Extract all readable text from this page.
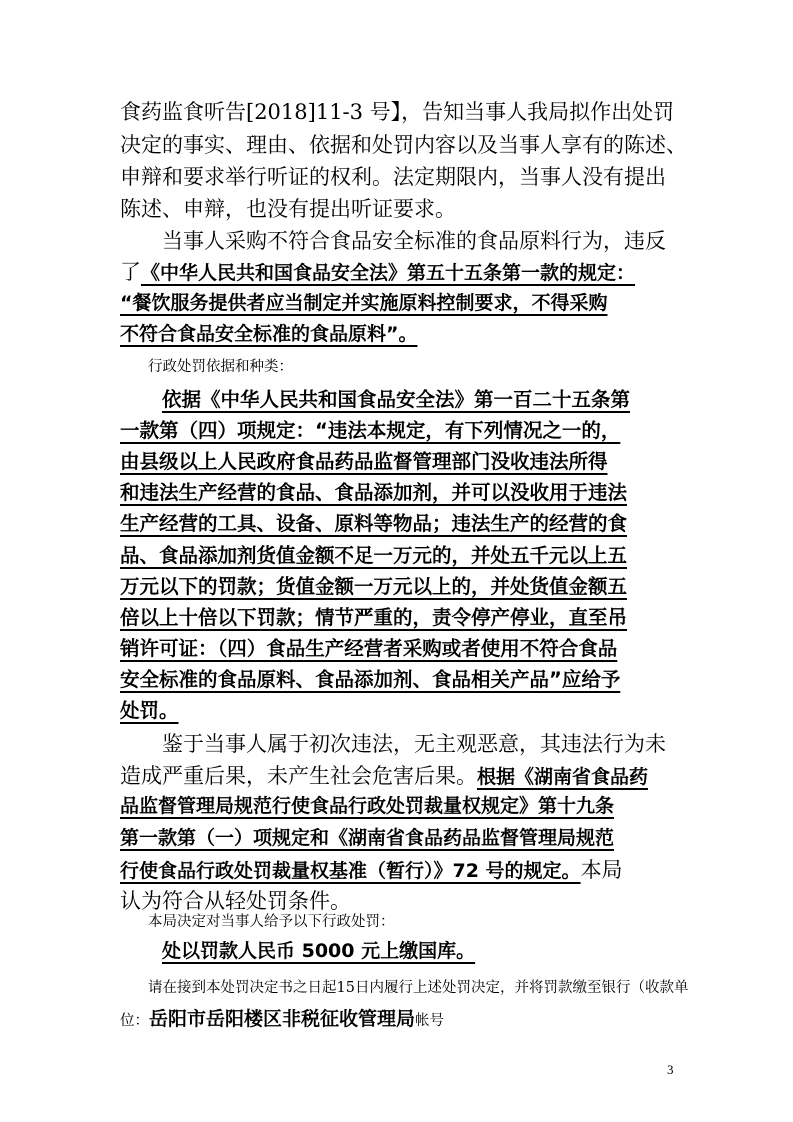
食药监食听告[2018]11-3 号】，告知当事人我局拟作出处罚
决定的事实、理由、依据和处罚内容以及当事人享有的陈述、
申辩和要求举行听证的权利。法定期限内，当事人没有提出
陈述、申辩，也没有提出听证要求。
当事人采购不符合食品安全标准的食品原料行为，违反
了《中华人民共和国食品安全法》第五十五条第一款的规定：
“餐饮服务提供者应当制定并实施原料控制要求，不得采购
不符合食品安全标准的食品原料”。
行政处罚依据和种类：
依据《中华人民共和国食品安全法》第一百二十五条第
一款第（四）项规定：“违法本规定，有下列情况之一的，
由县级以上人民政府食品药品监督管理部门没收违法所得
和违法生产经营的食品、食品添加剂，并可以没收用于违法
生产经营的工具、设备、原料等物品；违法生产的经营的食
品、食品添加剂货值金额不足一万元的，并处五千元以上五
万元以下的罚款；货值金额一万元以上的，并处货值金额五
倍以上十倍以下罚款；情节严重的，责令停产停业，直至吊
销许可证：（四）食品生产经营者采购或者使用不符合食品
安全标准的食品原料、食品添加剂、食品相关产品”应给予
处罚。
鉴于当事人属于初次违法，无主观恶意，其违法行为未
造成严重后果，未产生社会危害后果。根据《湖南省食品药
品监督管理局规范行使食品行政处罚裁量权规定》第十九条
第一款第（一）项规定和《湖南省食品药品监督管理局规范
行使食品行政处罚裁量权基准（暂行）》72 号的规定。本局
认为符合从轻处罚条件。
本局决定对当事人给予以下行政处罚：
处以罚款人民币 5000 元上缴国库。
请在接到本处罚决定书之日起15日内履行上述处罚决定，并将罚款缴至银行（收款单
位：岳阳市岳阳楼区非税征收管理局帐号
3
